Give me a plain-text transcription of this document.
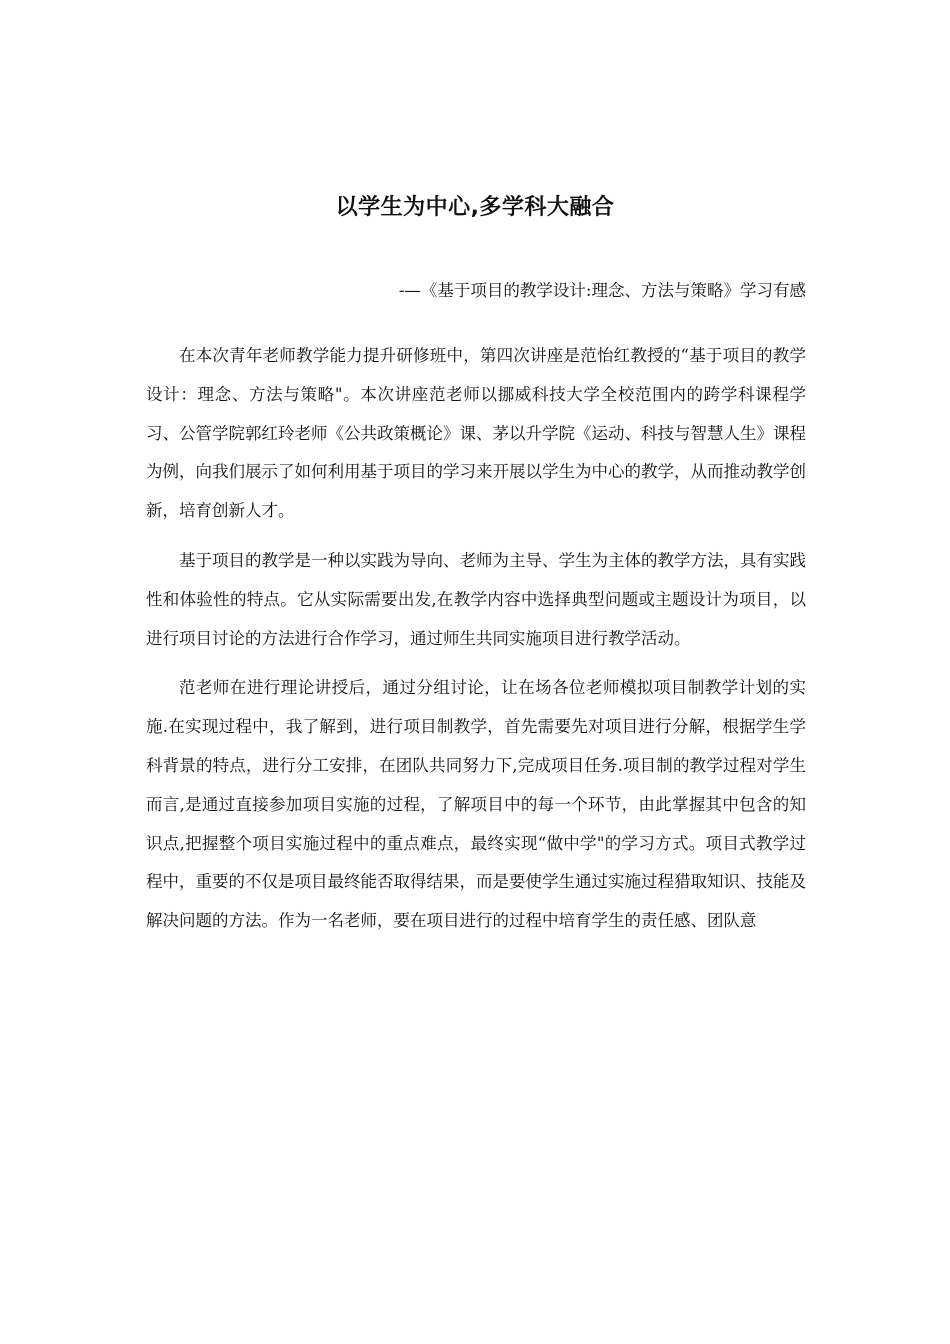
以学生为中心,多学科大融合

-—《基于项目的教学设计:理念、方法与策略》学习有感

在本次青年老师教学能力提升研修班中，第四次讲座是范怡红教授的“基于项目的教学设计：理念、方法与策略"。本次讲座范老师以挪威科技大学全校范围内的跨学科课程学习、公管学院郭红玲老师《公共政策概论》课、茅以升学院《运动、科技与智慧人生》课程为例，向我们展示了如何利用基于项目的学习来开展以学生为中心的教学，从而推动教学创新，培育创新人才。

基于项目的教学是一种以实践为导向、老师为主导、学生为主体的教学方法，具有实践性和体验性的特点。它从实际需要出发,在教学内容中选择典型问题或主题设计为项目，以进行项目讨论的方法进行合作学习，通过师生共同实施项目进行教学活动。

范老师在进行理论讲授后，通过分组讨论，让在场各位老师模拟项目制教学计划的实施.在实现过程中，我了解到，进行项目制教学，首先需要先对项目进行分解，根据学生学科背景的特点，进行分工安排，在团队共同努力下,完成项目任务.项目制的教学过程对学生而言,是通过直接参加项目实施的过程，了解项目中的每一个环节，由此掌握其中包含的知识点,把握整个项目实施过程中的重点难点，最终实现“做中学"的学习方式。项目式教学过程中，重要的不仅是项目最终能否取得结果，而是要使学生通过实施过程猎取知识、技能及解决问题的方法。作为一名老师，要在项目进行的过程中培育学生的责任感、团队意
